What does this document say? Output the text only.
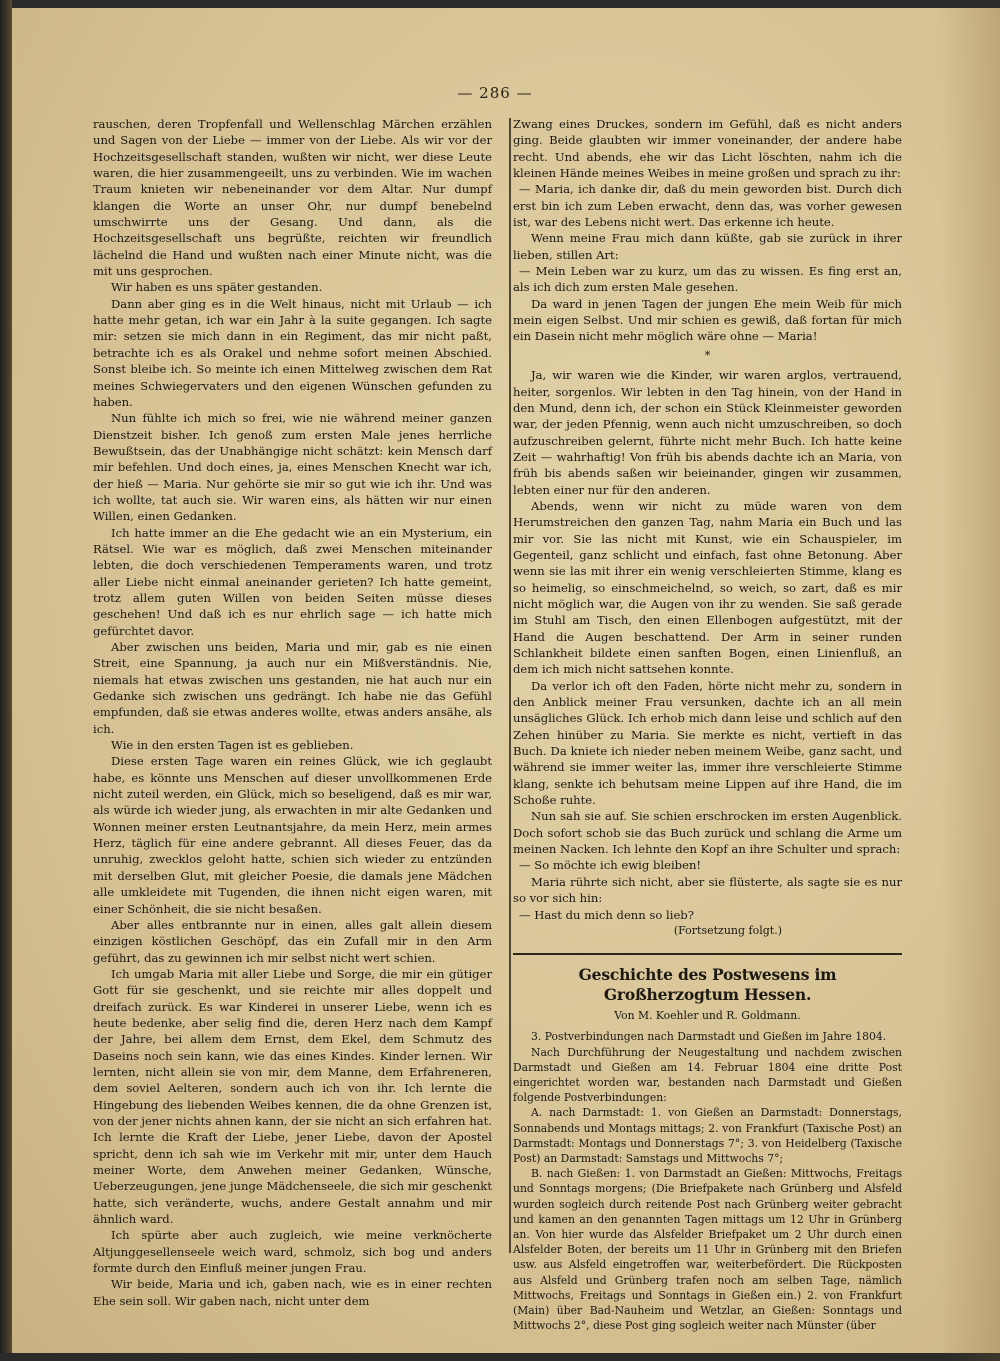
— 286 —

rauschen, deren Tropfenfall und Wellenschlag Märchen erzählen und Sagen von der Liebe — immer von der Liebe. Als wir vor der Hochzeitsgesellschaft standen, wußten wir nicht, wer diese Leute waren, die hier zusammengeeilt, uns zu verbinden. Wie im wachen Traum knieten wir nebeneinander vor dem Altar. Nur dumpf klangen die Worte an unser Ohr, nur dumpf benebelnd umschwirrte uns der Gesang. Und dann, als die Hochzeitsgesellschaft uns begrüßte, reichten wir freundlich lächelnd die Hand und wußten nach einer Minute nicht, was die mit uns gesprochen.

Wir haben es uns später gestanden.

Dann aber ging es in die Welt hinaus, nicht mit Urlaub — ich hatte mehr getan, ich war ein Jahr à la suite gegangen. Ich sagte mir: setzen sie mich dann in ein Regiment, das mir nicht paßt, betrachte ich es als Orakel und nehme sofort meinen Abschied. Sonst bleibe ich. So meinte ich einen Mittelweg zwischen dem Rat meines Schwiegervaters und den eigenen Wünschen gefunden zu haben.

Nun fühlte ich mich so frei, wie nie während meiner ganzen Dienstzeit bisher. Ich genoß zum ersten Male jenes herrliche Bewußtsein, das der Unabhängige nicht schätzt: kein Mensch darf mir befehlen. Und doch eines, ja, eines Menschen Knecht war ich, der hieß — Maria. Nur gehörte sie mir so gut wie ich ihr. Und was ich wollte, tat auch sie. Wir waren eins, als hätten wir nur einen Willen, einen Gedanken.

Ich hatte immer an die Ehe gedacht wie an ein Mysterium, ein Rätsel. Wie war es möglich, daß zwei Menschen miteinander lebten, die doch verschiedenen Temperaments waren, und trotz aller Liebe nicht einmal aneinander gerieten? Ich hatte gemeint, trotz allem guten Willen von beiden Seiten müsse dieses geschehen! Und daß ich es nur ehrlich sage — ich hatte mich gefürchtet davor.

Aber zwischen uns beiden, Maria und mir, gab es nie einen Streit, eine Spannung, ja auch nur ein Mißverständnis. Nie, niemals hat etwas zwischen uns gestanden, nie hat auch nur ein Gedanke sich zwischen uns gedrängt. Ich habe nie das Gefühl empfunden, daß sie etwas anderes wollte, etwas anders ansähe, als ich.

Wie in den ersten Tagen ist es geblieben.

Diese ersten Tage waren ein reines Glück, wie ich geglaubt habe, es könnte uns Menschen auf dieser unvollkommenen Erde nicht zuteil werden, ein Glück, mich so beseligend, daß es mir war, als würde ich wieder jung, als erwachten in mir alte Gedanken und Wonnen meiner ersten Leutnantsjahre, da mein Herz, mein armes Herz, täglich für eine andere gebrannt. All dieses Feuer, das da unruhig, zwecklos geloht hatte, schien sich wieder zu entzünden mit derselben Glut, mit gleicher Poesie, die damals jene Mädchen alle umkleidete mit Tugenden, die ihnen nicht eigen waren, mit einer Schönheit, die sie nicht besaßen.

Aber alles entbrannte nur in einen, alles galt allein diesem einzigen köstlichen Geschöpf, das ein Zufall mir in den Arm geführt, das zu gewinnen ich mir selbst nicht wert schien.

Ich umgab Maria mit aller Liebe und Sorge, die mir ein gütiger Gott für sie geschenkt, und sie reichte mir alles doppelt und dreifach zurück. Es war Kinderei in unserer Liebe, wenn ich es heute bedenke, aber selig find die, deren Herz nach dem Kampf der Jahre, bei allem dem Ernst, dem Ekel, dem Schmutz des Daseins noch sein kann, wie das eines Kindes. Kinder lernen. Wir lernten, nicht allein sie von mir, dem Manne, dem Erfahreneren, dem soviel Aelteren, sondern auch ich von ihr. Ich lernte die Hingebung des liebenden Weibes kennen, die da ohne Grenzen ist, von der jener nichts ahnen kann, der sie nicht an sich erfahren hat. Ich lernte die Kraft der Liebe, jener Liebe, davon der Apostel spricht, denn ich sah wie im Verkehr mit mir, unter dem Hauch meiner Worte, dem Anwehen meiner Gedanken, Wünsche, Ueberzeugungen, jene junge Mädchenseele, die sich mir geschenkt hatte, sich veränderte, wuchs, andere Gestalt annahm und mir ähnlich ward.

Ich spürte aber auch zugleich, wie meine verknöcherte Altjunggesellenseele weich ward, schmolz, sich bog und anders formte durch den Einfluß meiner jungen Frau.

Wir beide, Maria und ich, gaben nach, wie es in einer rechten Ehe sein soll. Wir gaben nach, nicht unter dem

Zwang eines Druckes, sondern im Gefühl, daß es nicht anders ging. Beide glaubten wir immer voneinander, der andere habe recht. Und abends, ehe wir das Licht löschten, nahm ich die kleinen Hände meines Weibes in meine großen und sprach zu ihr:

— Maria, ich danke dir, daß du mein geworden bist. Durch dich erst bin ich zum Leben erwacht, denn das, was vorher gewesen ist, war des Lebens nicht wert. Das erkenne ich heute.

Wenn meine Frau mich dann küßte, gab sie zurück in ihrer lieben, stillen Art:

— Mein Leben war zu kurz, um das zu wissen. Es fing erst an, als ich dich zum ersten Male gesehen.

Da ward in jenen Tagen der jungen Ehe mein Weib für mich mein eigen Selbst. Und mir schien es gewiß, daß fortan für mich ein Dasein nicht mehr möglich wäre ohne — Maria!

*

Ja, wir waren wie die Kinder, wir waren arglos, vertrauend, heiter, sorgenlos. Wir lebten in den Tag hinein, von der Hand in den Mund, denn ich, der schon ein Stück Kleinmeister geworden war, der jeden Pfennig, wenn auch nicht umzuschreiben, so doch aufzuschreiben gelernt, führte nicht mehr Buch. Ich hatte keine Zeit — wahrhaftig! Von früh bis abends dachte ich an Maria, von früh bis abends saßen wir beieinander, gingen wir zusammen, lebten einer nur für den anderen.

Abends, wenn wir nicht zu müde waren von dem Herumstreichen den ganzen Tag, nahm Maria ein Buch und las mir vor. Sie las nicht mit Kunst, wie ein Schauspieler, im Gegenteil, ganz schlicht und einfach, fast ohne Betonung. Aber wenn sie las mit ihrer ein wenig verschleierten Stimme, klang es so heimelig, so einschmeichelnd, so weich, so zart, daß es mir nicht möglich war, die Augen von ihr zu wenden. Sie saß gerade im Stuhl am Tisch, den einen Ellenbogen aufgestützt, mit der Hand die Augen beschattend. Der Arm in seiner runden Schlankheit bildete einen sanften Bogen, einen Linienfluß, an dem ich mich nicht sattsehen konnte.

Da verlor ich oft den Faden, hörte nicht mehr zu, sondern in den Anblick meiner Frau versunken, dachte ich an all mein unsägliches Glück. Ich erhob mich dann leise und schlich auf den Zehen hinüber zu Maria. Sie merkte es nicht, vertieft in das Buch. Da kniete ich nieder neben meinem Weibe, ganz sacht, und während sie immer weiter las, immer ihre verschleierte Stimme klang, senkte ich behutsam meine Lippen auf ihre Hand, die im Schoße ruhte.

Nun sah sie auf. Sie schien erschrocken im ersten Augenblick. Doch sofort schob sie das Buch zurück und schlang die Arme um meinen Nacken. Ich lehnte den Kopf an ihre Schulter und sprach:

— So möchte ich ewig bleiben!

Maria rührte sich nicht, aber sie flüsterte, als sagte sie es nur so vor sich hin:

— Hast du mich denn so lieb?

(Fortsetzung folgt.)
Geschichte des Postwesens im Großherzogtum Hessen.
Von M. Koehler und R. Goldmann.

3. Postverbindungen nach Darmstadt und Gießen im Jahre 1804.

Nach Durchführung der Neugestaltung und nachdem zwischen Darmstadt und Gießen am 14. Februar 1804 eine dritte Post eingerichtet worden war, bestanden nach Darmstadt und Gießen folgende Postverbindungen:

A. nach Darmstadt: 1. von Gießen an Darmstadt: Donnerstags, Sonnabends und Montags mittags; 2. von Frankfurt (Taxische Post) an Darmstadt: Montags und Donnerstags 7°; 3. von Heidelberg (Taxische Post) an Darmstadt: Samstags und Mittwochs 7°;

B. nach Gießen: 1. von Darmstadt an Gießen: Mittwochs, Freitags und Sonntags morgens; (Die Briefpakete nach Grünberg und Alsfeld wurden sogleich durch reitende Post nach Grünberg weiter gebracht und kamen an den genannten Tagen mittags um 12 Uhr in Grünberg an. Von hier wurde das Alsfelder Briefpaket um 2 Uhr durch einen Alsfelder Boten, der bereits um 11 Uhr in Grünberg mit den Briefen usw. aus Alsfeld eingetroffen war, weiterbefördert. Die Rückposten aus Alsfeld und Grünberg trafen noch am selben Tage, nämlich Mittwochs, Freitags und Sonntags in Gießen ein.) 2. von Frankfurt (Main) über Bad-Nauheim und Wetzlar, an Gießen: Sonntags und Mittwochs 2°, diese Post ging sogleich weiter nach Münster (über
